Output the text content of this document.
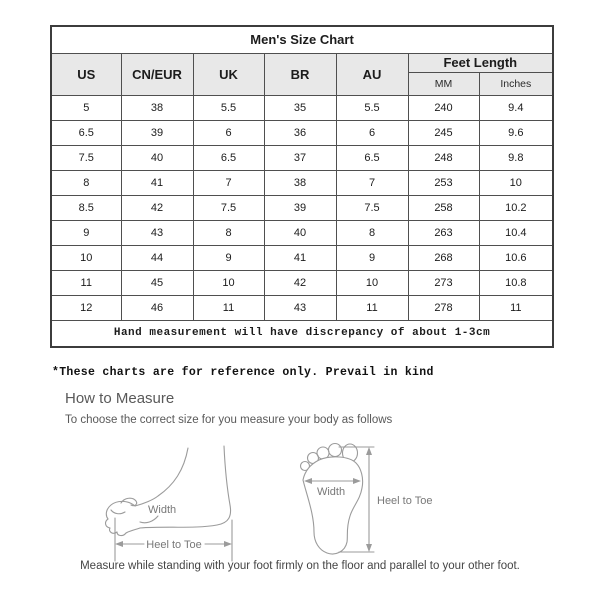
Men's Size Chart						
US	CN/EUR	UK	BR	AU	Feet Length	
					MM	Inches
5	38	5.5	35	5.5	240	9.4
6.5	39	6	36	6	245	9.6
7.5	40	6.5	37	6.5	248	9.8
8	41	7	38	7	253	10
8.5	42	7.5	39	7.5	258	10.2
9	43	8	40	8	263	10.4
10	44	9	41	9	268	10.6
11	45	10	42	10	273	10.8
12	46	11	43	11	278	11
Hand measurement will have discrepancy of about 1-3cm						
*These charts are for reference only. Prevail in kind
How to Measure
To choose the correct size for you measure your body as follows
Width
Heel to Toe
Width
Heel to Toe
Measure while standing with your foot firmly on the floor and parallel to your other foot.
